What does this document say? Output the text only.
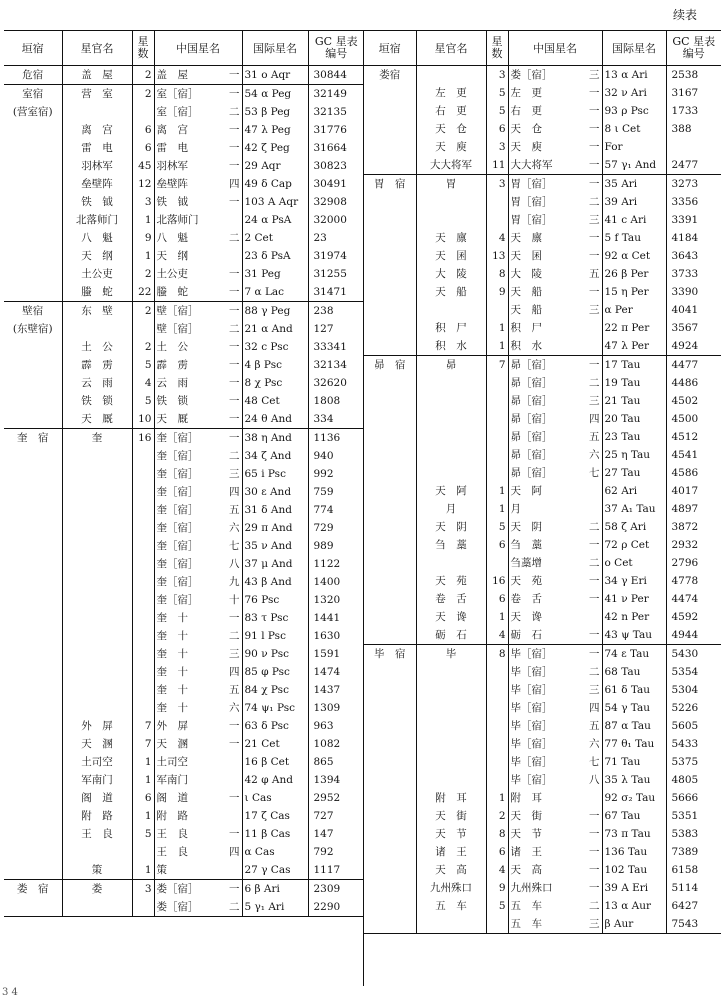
续表
垣宿	星官名	星数	中国星名		国际星名	GC 星表编号
危宿	盖　屋	2	盖　屋	一	31 ο Aqr	30844
室宿	营　室	2	室［宿］	一	54 α Peg	32149
(营室宿)			室［宿］	二	53 β Peg	32135
	离　宫	6	离　宫	一	47 λ Peg	31776
	雷　电	6	雷　电	一	42 ζ Peg	31664
	羽林军	45	羽林军	一	29 Aqr	30823
	垒壁阵	12	垒壁阵	四	49 δ Cap	30491
	铁　钺	3	铁　钺	一	103 A Aqr	32908
	北落师门	1	北落师门		24 α PsA	32000
	八　魁	9	八　魁	二	2 Cet	23
	天　纲	1	天　纲		23 δ PsA	31974
	土公吏	2	土公吏	一	31 Peg	31255
	螣　蛇	22	螣　蛇	一	7 α Lac	31471
壁宿	东　壁	2	壁［宿］	一	88 γ Peg	238
(东壁宿)			壁［宿］	二	21 α And	127
	土　公	2	土　公	一	32 c Psc	33341
	霹　雳	5	霹　雳	一	4 β Psc	32134
	云　雨	4	云　雨	一	8 χ Psc	32620
	铁　锁	5	铁　锁	一	48 Cet	1808
	天　厩	10	天　厩	一	24 θ And	334
奎　宿	奎	16	奎［宿］	一	38 η And	1136
			奎［宿］	二	34 ζ And	940
			奎［宿］	三	65 i Psc	992
			奎［宿］	四	30 ε And	759
			奎［宿］	五	31 δ And	774
			奎［宿］	六	29 π And	729
			奎［宿］	七	35 ν And	989
			奎［宿］	八	37 μ And	1122
			奎［宿］	九	43 β And	1400
			奎［宿］	十	76 Psc	1320
			奎　十	一	83 τ Psc	1441
			奎　十	二	91 l Psc	1630
			奎　十	三	90 ν Psc	1591
			奎　十	四	85 φ Psc	1474
			奎　十	五	84 χ Psc	1437
			奎　十	六	74 ψ₁ Psc	1309
	外　屏	7	外　屏	一	63 δ Psc	963
	天　溷	7	天　溷	一	21 Cet	1082
	土司空	1	土司空		16 β Cet	865
	军南门	1	军南门		42 φ And	1394
	阁　道	6	阁　道	一	ι Cas	2952
	附　路	1	附　路		17 ζ Cas	727
	王　良	5	王　良	一	11 β Cas	147
			王　良	四	α Cas	792
	策	1	策		27 γ Cas	1117
娄　宿	娄	3	娄［宿］	一	6 β Ari	2309
			娄［宿］	二	5 γ₁ Ari	2290
垣宿	星官名	星数	中国星名		国际星名	GC 星表编号
娄宿		3	娄［宿］	三	13 α Ari	2538
	左　更	5	左　更	一	32 ν Ari	3167
	右　更	5	右　更	一	93 ρ Psc	1733
	天　仓	6	天　仓	一	8 ι Cet	388
	天　庾	3	天　庾	一	For	
	大大将军	11	大大将军	一	57 γ₁ And	2477
胃　宿	胃	3	胃［宿］	一	35 Ari	3273
			胃［宿］	二	39 Ari	3356
			胃［宿］	三	41 c Ari	3391
	天　廪	4	天　廪	一	5 f Tau	4184
	天　囷	13	天　囷	一	92 α Cet	3643
	大　陵	8	大　陵	五	26 β Per	3733
	天　船	9	天　船	一	15 η Per	3390
			天　船	三	α Per	4041
	积　尸	1	积　尸		22 π Per	3567
	积　水	1	积　水		47 λ Per	4924
昴　宿	昴	7	昴［宿］	一	17 Tau	4477
			昴［宿］	二	19 Tau	4486
			昴［宿］	三	21 Tau	4502
			昴［宿］	四	20 Tau	4500
			昴［宿］	五	23 Tau	4512
			昴［宿］	六	25 η Tau	4541
			昴［宿］	七	27 Tau	4586
	天　阿	1	天　阿		62 Ari	4017
	月	1	月		37 A₁ Tau	4897
	天　阴	5	天　阴	二	58 ζ Ari	3872
	刍　藁	6	刍　藁	一	72 ρ Cet	2932
			刍藁增	二	ο Cet	2796
	天　苑	16	天　苑	一	34 γ Eri	4778
	卷　舌	6	卷　舌	一	41 ν Per	4474
	天　谗	1	天　谗		42 n Per	4592
	砺　石	4	砺　石	一	43 ψ Tau	4944
毕　宿	毕	8	毕［宿］	一	74 ε Tau	5430
			毕［宿］	二	68 Tau	5354
			毕［宿］	三	61 δ Tau	5304
			毕［宿］	四	54 γ Tau	5226
			毕［宿］	五	87 α Tau	5605
			毕［宿］	六	77 θ₁ Tau	5433
			毕［宿］	七	71 Tau	5375
			毕［宿］	八	35 λ Tau	4805
	附　耳	1	附　耳		92 σ₂ Tau	5666
	天　街	2	天　街	一	67 Tau	5351
	天　节	8	天　节	一	73 π Tau	5383
	诸　王	6	诸　王	一	136 Tau	7389
	天　高	4	天　高	一	102 Tau	6158
	九州殊口	9	九州殊口	一	39 A Eri	5114
	五　车	5	五　车	二	13 α Aur	6427
			五　车	三	β Aur	7543
3 4
